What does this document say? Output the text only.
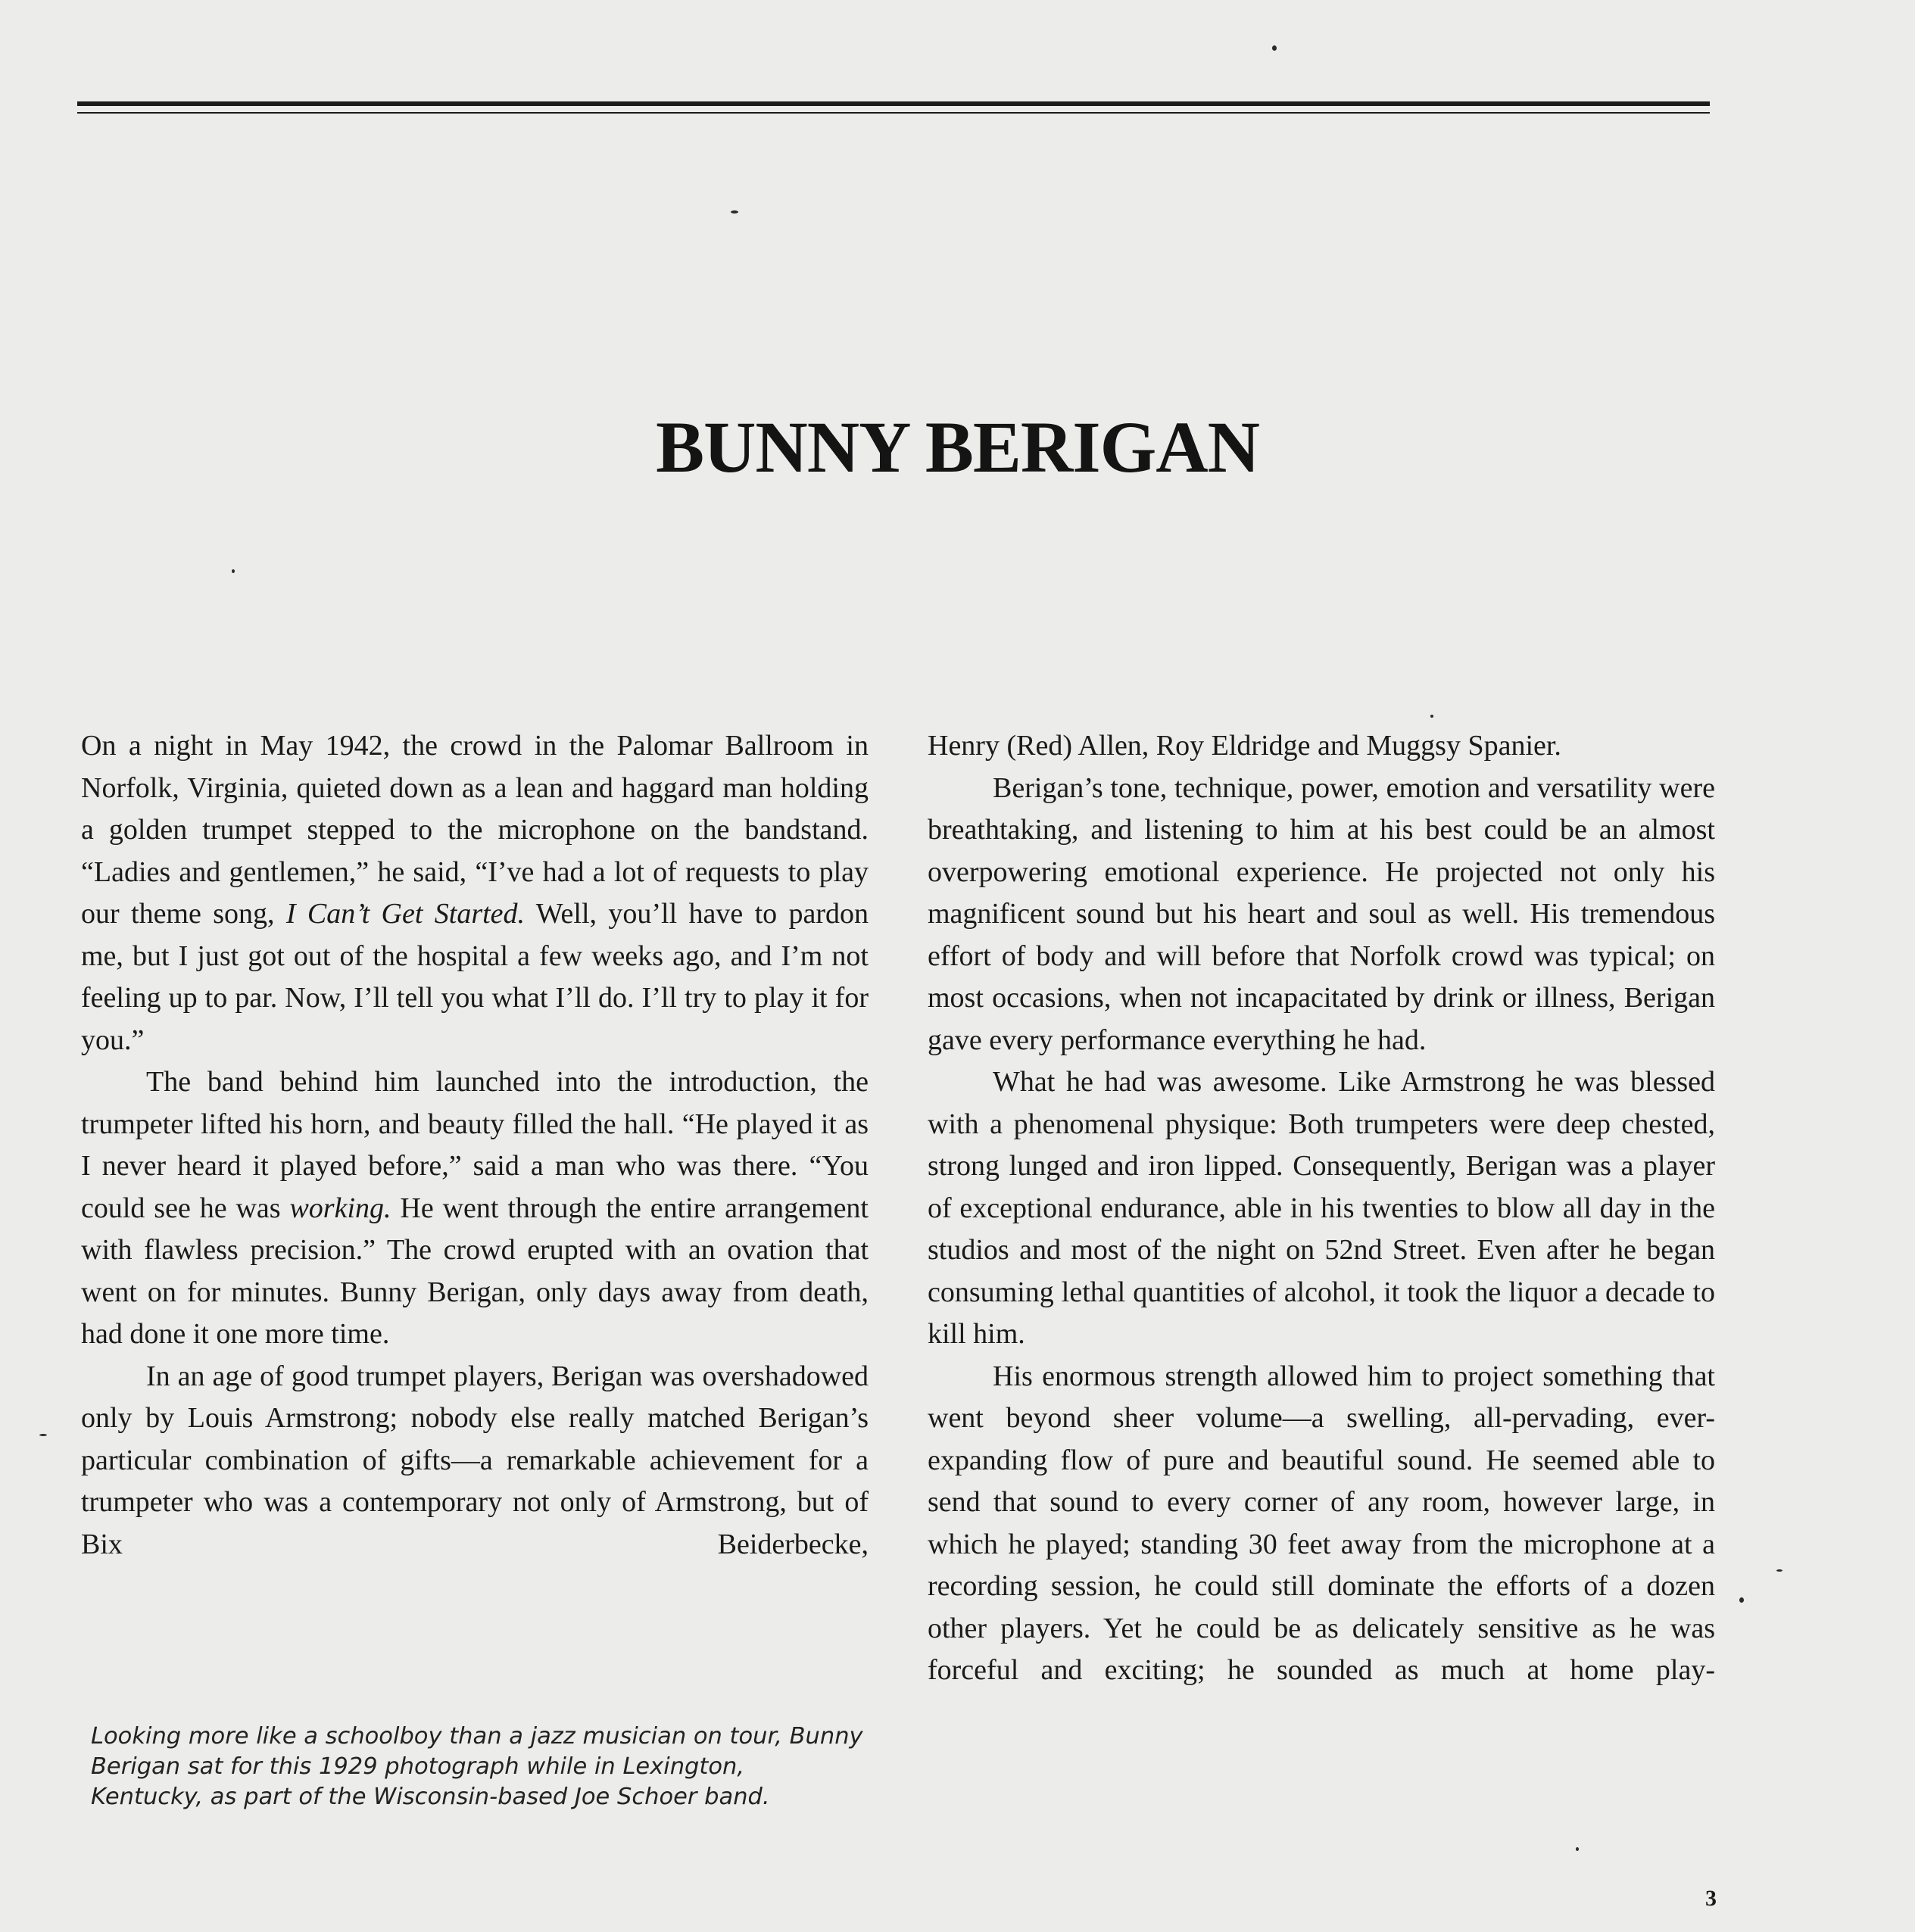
BUNNY BERIGAN

On a night in May 1942, the crowd in the Palomar Ballroom in Norfolk, Virginia, quieted down as a lean and haggard man holding a golden trumpet stepped to the microphone on the bandstand. “Ladies and gentlemen,” he said, “I’ve had a lot of requests to play our theme song, I Can’t Get Started. Well, you’ll have to pardon me, but I just got out of the hospital a few weeks ago, and I’m not feeling up to par. Now, I’ll tell you what I’ll do. I’ll try to play it for you.”

The band behind him launched into the introduction, the trumpeter lifted his horn, and beauty filled the hall. “He played it as I never heard it played before,” said a man who was there. “You could see he was working. He went through the entire arrangement with flawless precision.” The crowd erupted with an ovation that went on for minutes. Bunny Berigan, only days away from death, had done it one more time.

In an age of good trumpet players, Berigan was overshadowed only by Louis Armstrong; nobody else really matched Berigan’s particular combination of gifts—a remarkable achievement for a trumpeter who was a contemporary not only of Armstrong, but of Bix Beiderbecke,

Henry (Red) Allen, Roy Eldridge and Muggsy Spanier.

Berigan’s tone, technique, power, emotion and versatility were breathtaking, and listening to him at his best could be an almost overpowering emotional experience. He projected not only his magnificent sound but his heart and soul as well. His tremendous effort of body and will before that Norfolk crowd was typical; on most occasions, when not incapacitated by drink or illness, Berigan gave every performance everything he had.

What he had was awesome. Like Armstrong he was blessed with a phenomenal physique: Both trumpeters were deep chested, strong lunged and iron lipped. Consequently, Berigan was a player of exceptional endurance, able in his twenties to blow all day in the studios and most of the night on 52nd Street. Even after he began consuming lethal quantities of alcohol, it took the liquor a decade to kill him.

His enormous strength allowed him to project something that went beyond sheer volume—a swelling, all-pervading, ever-expanding flow of pure and beautiful sound. He seemed able to send that sound to every corner of any room, however large, in which he played; standing 30 feet away from the microphone at a recording session, he could still dominate the efforts of a dozen other players. Yet he could be as delicately sensitive as he was forceful and exciting; he sounded as much at home play-

Looking more like a schoolboy than a jazz musician on tour, Bunny Berigan sat for this 1929 photograph while in Lexington, Kentucky, as part of the Wisconsin-based Joe Schoer band.

3
